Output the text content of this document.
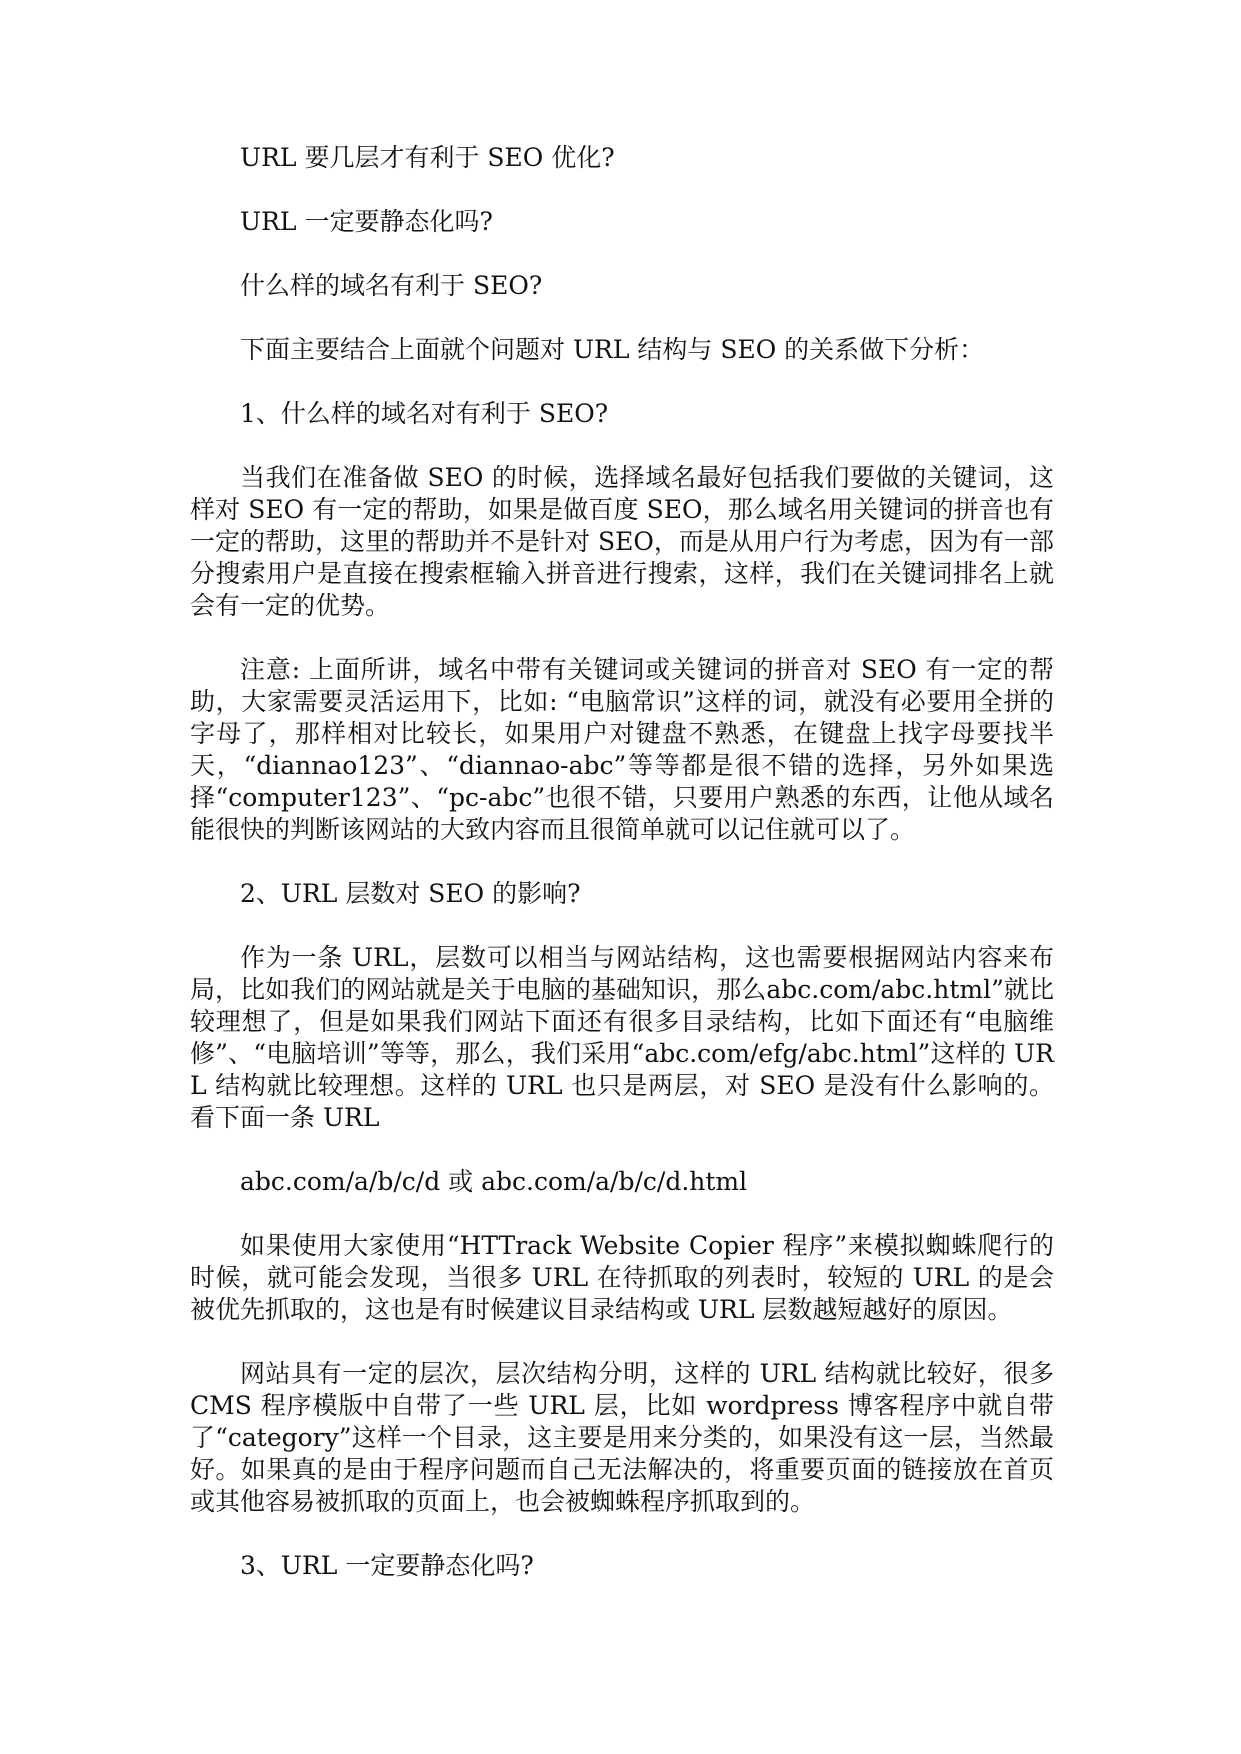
URL 要几层才有利于 SEO 优化?

URL 一定要静态化吗?

什么样的域名有利于 SEO?

下面主要结合上面就个问题对 URL 结构与 SEO 的关系做下分析：

1、什么样的域名对有利于 SEO?

当我们在准备做 SEO 的时候，选择域名最好包括我们要做的关键词，这样对 SEO 有一定的帮助，如果是做百度 SEO，那么域名用关键词的拼音也有一定的帮助，这里的帮助并不是针对 SEO，而是从用户行为考虑，因为有一部分搜索用户是直接在搜索框输入拼音进行搜索，这样，我们在关键词排名上就会有一定的优势。

注意: 上面所讲，域名中带有关键词或关键词的拼音对 SEO 有一定的帮助，大家需要灵活运用下，比如: “电脑常识”这样的词，就没有必要用全拼的字母了，那样相对比较长，如果用户对键盘不熟悉，在键盘上找字母要找半天，“diannao123”、“diannao-abc”等等都是很不错的选择，另外如果选择“computer123”、“pc-abc”也很不错，只要用户熟悉的东西，让他从域名能很快的判断该网站的大致内容而且很简单就可以记住就可以了。

2、URL 层数对 SEO 的影响?

作为一条 URL，层数可以相当与网站结构，这也需要根据网站内容来布局，比如我们的网站就是关于电脑的基础知识，那么abc.com/abc.html”就比较理想了，但是如果我们网站下面还有很多目录结构，比如下面还有“电脑维修”、“电脑培训”等等，那么，我们采用“abc.com/efg/abc.html”这样的 URL 结构就比较理想。这样的 URL 也只是两层，对 SEO 是没有什么影响的。看下面一条 URL

abc.com/a/b/c/d 或 abc.com/a/b/c/d.html

如果使用大家使用“HTTrack Website Copier 程序”来模拟蜘蛛爬行的时候，就可能会发现，当很多 URL 在待抓取的列表时，较短的 URL 的是会被优先抓取的，这也是有时候建议目录结构或 URL 层数越短越好的原因。

网站具有一定的层次，层次结构分明，这样的 URL 结构就比较好，很多 CMS 程序模版中自带了一些 URL 层，比如 wordpress 博客程序中就自带了“category”这样一个目录，这主要是用来分类的，如果没有这一层，当然最好。如果真的是由于程序问题而自己无法解决的，将重要页面的链接放在首页或其他容易被抓取的页面上，也会被蜘蛛程序抓取到的。

3、URL 一定要静态化吗?
